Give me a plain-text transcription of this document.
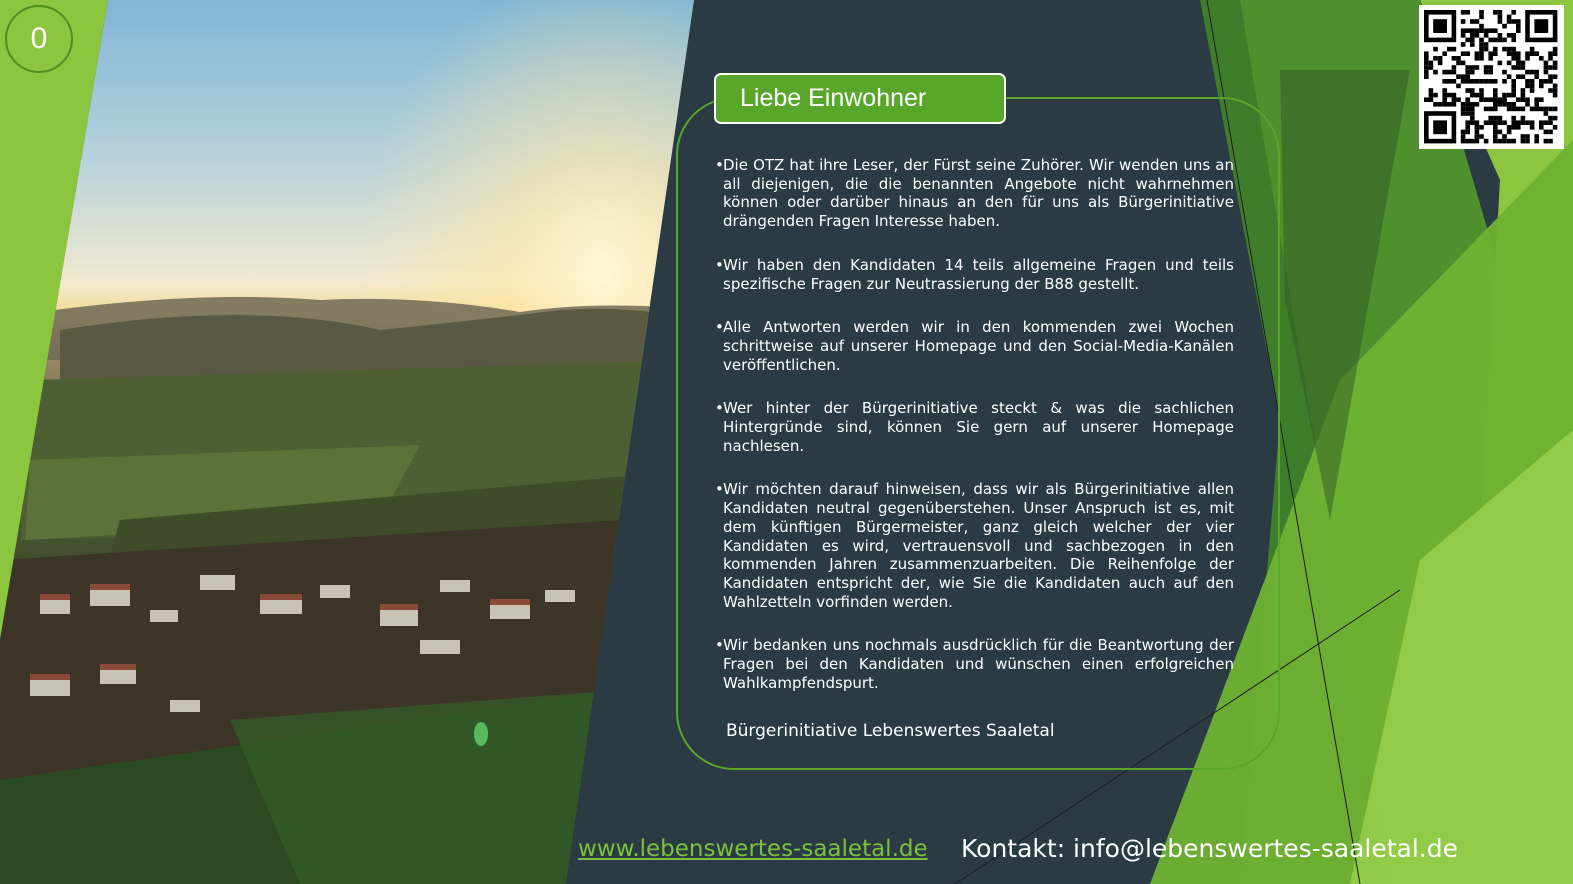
0
Liebe Einwohner
• Die OTZ hat ihre Leser, der Fürst seine Zuhörer. Wir wenden uns an all diejenigen, die die benannten Angebote nicht wahrnehmen können oder darüber hinaus an den für uns als Bürgerinitiative drängenden Fragen Interesse haben.
• Wir haben den Kandidaten 14 teils allgemeine Fragen und teils spezifische Fragen zur Neutrassierung der B88 gestellt.
• Alle Antworten werden wir in den kommenden zwei Wochen schrittweise auf unserer Homepage und den Social-Media-Kanälen veröffentlichen.
• Wer hinter der Bürgerinitiative steckt & was die sachlichen Hintergründe sind, können Sie gern auf unserer Homepage nachlesen.
• Wir möchten darauf hinweisen, dass wir als Bürgerinitiative allen Kandidaten neutral gegenüberstehen. Unser Anspruch ist es, mit dem künftigen Bürgermeister, ganz gleich welcher der vier Kandidaten es wird, vertrauensvoll und sachbezogen in den kommenden Jahren zusammenzuarbeiten. Die Reihenfolge der Kandidaten entspricht der, wie Sie die Kandidaten auch auf den Wahlzetteln vorfinden werden.
• Wir bedanken uns nochmals ausdrücklich für die Beantwortung der Fragen bei den Kandidaten und wünschen einen erfolgreichen Wahlkampfendspurt.
Bürgerinitiative Lebenswertes Saaletal
www.lebenswertes-saaletal.de Kontakt: info@lebenswertes-saaletal.de
